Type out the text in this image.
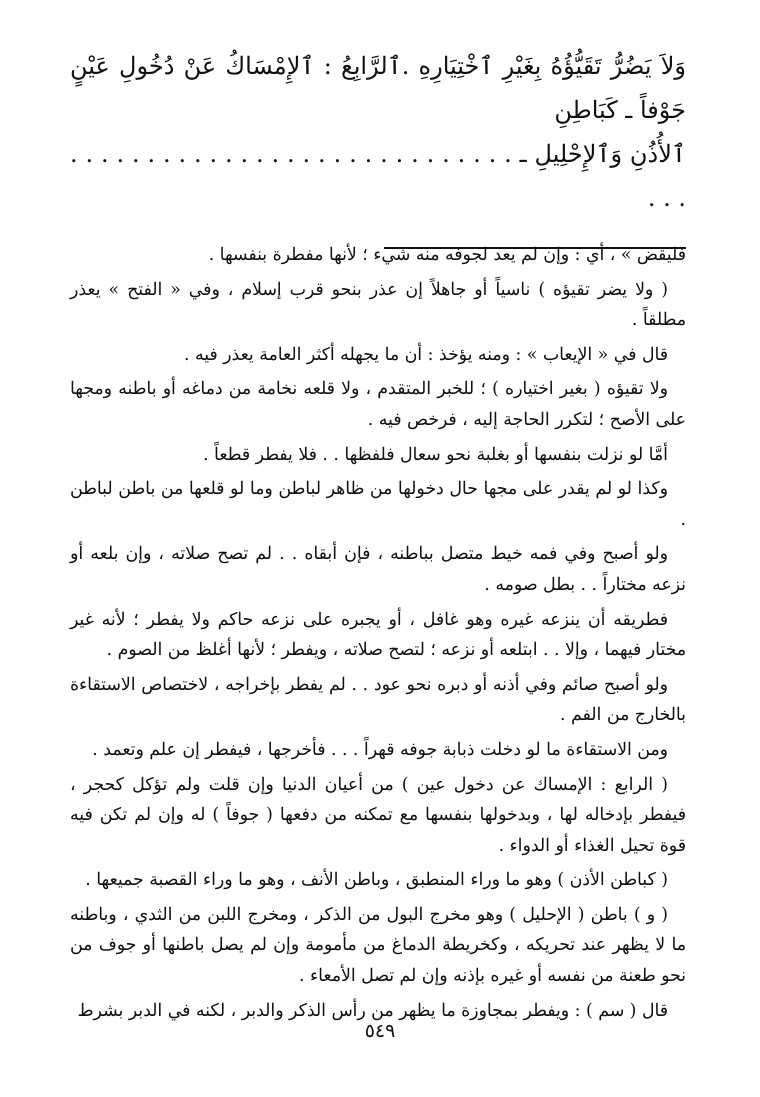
وَلاَ يَضُرُّ تَقَيُّؤُهُ بِغَيْرِ ٱخْتِيَارِهِ .ٱلرَّابِعُ : ٱلإِمْسَاكُ عَنْ دُخُولِ عَيْنٍ جَوْفاً ـ كَبَاطِنِ
ٱلأُذُنِ وَٱلإِحْلِيلِ ـ . . . . . . . . . . . . . . . . . . . . . . . . . . . . . . . .

فليقض » ، أي : وإن لم يعد لجوفه منه شيء ؛ لأنها مفطرة بنفسها .

( ولا يضر تقيؤه ) ناسياً أو جاهلاً إن عذر بنحو قرب إسلام ، وفي « الفتح » يعذر مطلقاً .

قال في « الإيعاب » : ومنه يؤخذ : أن ما يجهله أكثر العامة يعذر فيه .

ولا تقيؤه ( بغير اختياره ) ؛ للخبر المتقدم ، ولا قلعه نخامة من دماغه أو باطنه ومجها على الأصح ؛ لتكرر الحاجة إليه ، فرخص فيه .

أمَّا لو نزلت بنفسها أو بغلبة نحو سعال فلفظها . . فلا يفطر قطعاً .

وكذا لو لم يقدر على مجها حال دخولها من ظاهر لباطن وما لو قلعها من باطن لباطن .

ولو أصبح وفي فمه خيط متصل بباطنه ، فإن أبقاه . . لم تصح صلاته ، وإن بلعه أو نزعه مختاراً . . بطل صومه .

فطريقه أن ينزعه غيره وهو غافل ، أو يجبره على نزعه حاكم ولا يفطر ؛ لأنه غير مختار فيهما ، وإلا . . ابتلعه أو نزعه ؛ لتصح صلاته ، ويفطر ؛ لأنها أغلظ من الصوم .

ولو أصبح صائم وفي أذنه أو دبره نحو عود . . لم يفطر بإخراجه ، لاختصاص الاستقاءة بالخارج من الفم .

ومن الاستقاءة ما لو دخلت ذبابة جوفه قهراً . . . فأخرجها ، فيفطر إن علم وتعمد .

( الرابع : الإمساك عن دخول عين ) من أعيان الدنيا وإن قلت ولم تؤكل كحجر ، فيفطر بإدخاله لها ، وبدخولها بنفسها مع تمكنه من دفعها ( جوفاً ) له وإن لم تكن فيه قوة تحيل الغذاء أو الدواء .

( كباطن الأذن ) وهو ما وراء المنطبق ، وباطن الأنف ، وهو ما وراء القصبة جميعها .

( و ) باطن ( الإحليل ) وهو مخرج البول من الذكر ، ومخرج اللبن من الثدي ، وباطنه ما لا يظهر عند تحريكه ، وكخريطة الدماغ من مأمومة وإن لم يصل باطنها أو جوف من نحو طعنة من نفسه أو غيره بإذنه وإن لم تصل الأمعاء .

قال ( سم ) : ويفطر بمجاوزة ما يظهر من رأس الذكر والدبر ، لكنه في الدبر بشرط

٥٤٩
